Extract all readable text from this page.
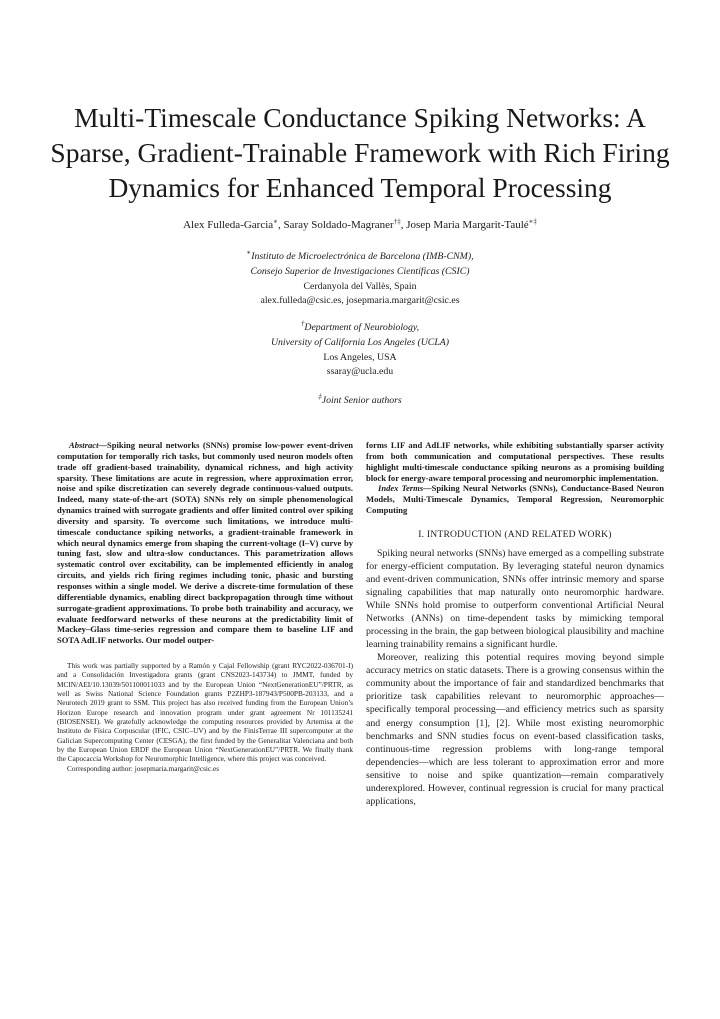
Multi-Timescale Conductance Spiking Networks: A Sparse, Gradient-Trainable Framework with Rich Firing Dynamics for Enhanced Temporal Processing
Alex Fulleda-Garcia∗, Saray Soldado-Magraner†‡, Josep Maria Margarit-Taulé∗‡
∗Instituto de Microelectrónica de Barcelona (IMB-CNM),
Consejo Superior de Investigaciones Científicas (CSIC)
Cerdanyola del Vallès, Spain
alex.fulleda@csic.es, josepmaria.margarit@csic.es
†Department of Neurobiology,
University of California Los Angeles (UCLA)
Los Angeles, USA
ssaray@ucla.edu
‡Joint Senior authors

Abstract—Spiking neural networks (SNNs) promise low-power event-driven computation for temporally rich tasks, but commonly used neuron models often trade off gradient-based trainability, dynamical richness, and high activity sparsity. These limitations are acute in regression, where approximation error, noise and spike discretization can severely degrade continuous-valued outputs. Indeed, many state-of-the-art (SOTA) SNNs rely on simple phenomenological dynamics trained with surrogate gradients and offer limited control over spiking diversity and sparsity. To overcome such limitations, we introduce multi-timescale conductance spiking networks, a gradient-trainable framework in which neural dynamics emerge from shaping the current-voltage (I–V) curve by tuning fast, slow and ultra-slow conductances. This parametrization allows systematic control over excitability, can be implemented efficiently in analog circuits, and yields rich firing regimes including tonic, phasic and bursting responses within a single model. We derive a discrete-time formulation of these differentiable dynamics, enabling direct backpropagation through time without surrogate-gradient approximations. To probe both trainability and accuracy, we evaluate feedforward networks of these neurons at the predictability limit of Mackey–Glass time-series regression and compare them to baseline LIF and SOTA AdLIF networks. Our model outper-

This work was partially supported by a Ramón y Cajal Fellowship (grant RYC2022-036701-I) and a Consolidación Investigadora grants (grant CNS2023-143734) to JMMT, funded by MCIN/AEI/10.13039/501100011033 and by the European Union “NextGenerationEU”/PRTR, as well as Swiss National Science Foundation grants P2ZHP3-187943/P500PB-203133, and a Neurotech 2019 grant to SSM. This project has also received funding from the European Union’s Horizon Europe research and innovation program under grant agreement Nr 101135241 (BIOSENSEI). We gratefully acknowledge the computing resources provided by Artemisa at the Instituto de Física Corpuscular (IFIC, CSIC–UV) and by the FinisTerrae III supercomputer at the Galician Supercomputing Center (CESGA), the first funded by the Generalitat Valenciana and both by the European Union ERDF the European Union “NextGenerationEU”/PRTR. We finally thank the Capocaccia Workshop for Neuromorphic Intelligence, where this project was conceived.

Corresponding author: josepmaria.margarit@csic.es

forms LIF and AdLIF networks, while exhibiting substantially sparser activity from both communication and computational perspectives. These results highlight multi-timescale conductance spiking neurons as a promising building block for energy-aware temporal processing and neuromorphic implementation.

Index Terms—Spiking Neural Networks (SNNs), Conductance-Based Neuron Models, Multi-Timescale Dynamics, Temporal Regression, Neuromorphic Computing

I. INTRODUCTION (AND RELATED WORK)

Spiking neural networks (SNNs) have emerged as a compelling substrate for energy-efficient computation. By leveraging stateful neuron dynamics and event-driven communication, SNNs offer intrinsic memory and sparse signaling capabilities that map naturally onto neuromorphic hardware. While SNNs hold promise to outperform conventional Artificial Neural Networks (ANNs) on time-dependent tasks by mimicking temporal processing in the brain, the gap between biological plausibility and machine learning trainability remains a significant hurdle.

Moreover, realizing this potential requires moving beyond simple accuracy metrics on static datasets. There is a growing consensus within the community about the importance of fair and standardized benchmarks that prioritize task capabilities relevant to neuromorphic approaches—specifically temporal processing—and efficiency metrics such as sparsity and energy consumption [1], [2]. While most existing neuromorphic benchmarks and SNN studies focus on event-based classification tasks, continuous-time regression problems with long-range temporal dependencies—which are less tolerant to approximation error and more sensitive to noise and spike quantization—remain comparatively underexplored. However, continual regression is crucial for many practical applications,
